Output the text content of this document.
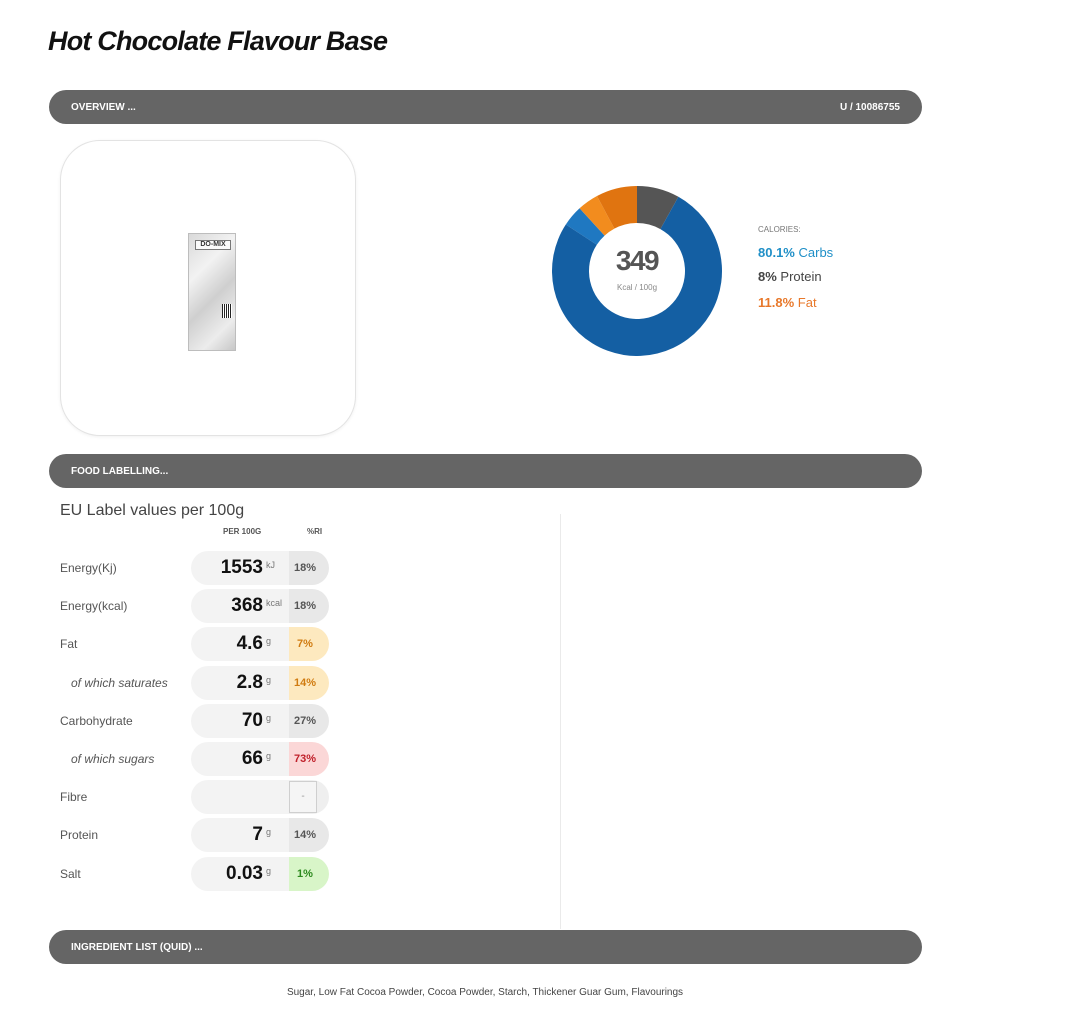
Hot Chocolate Flavour Base
OVERVIEW ...	U / 10086755
DO-MIX
349
Kcal / 100g
CALORIES:
80.1% Carbs
8% Protein
11.8% Fat
FOOD LABELLING...
EU Label values per 100g
PER 100G	%RI
Energy(Kj)	1553 kJ	18%
Energy(kcal)	368 kcal	18%
Fat	4.6 g	7%
of which saturates	2.8 g	14%
Carbohydrate	70 g	27%
of which sugars	66 g	73%
Fibre	-
Protein	7 g	14%
Salt	0.03 g	1%
INGREDIENT LIST (QUID) ...
Sugar, Low Fat Cocoa Powder, Cocoa Powder, Starch, Thickener Guar Gum, Flavourings
